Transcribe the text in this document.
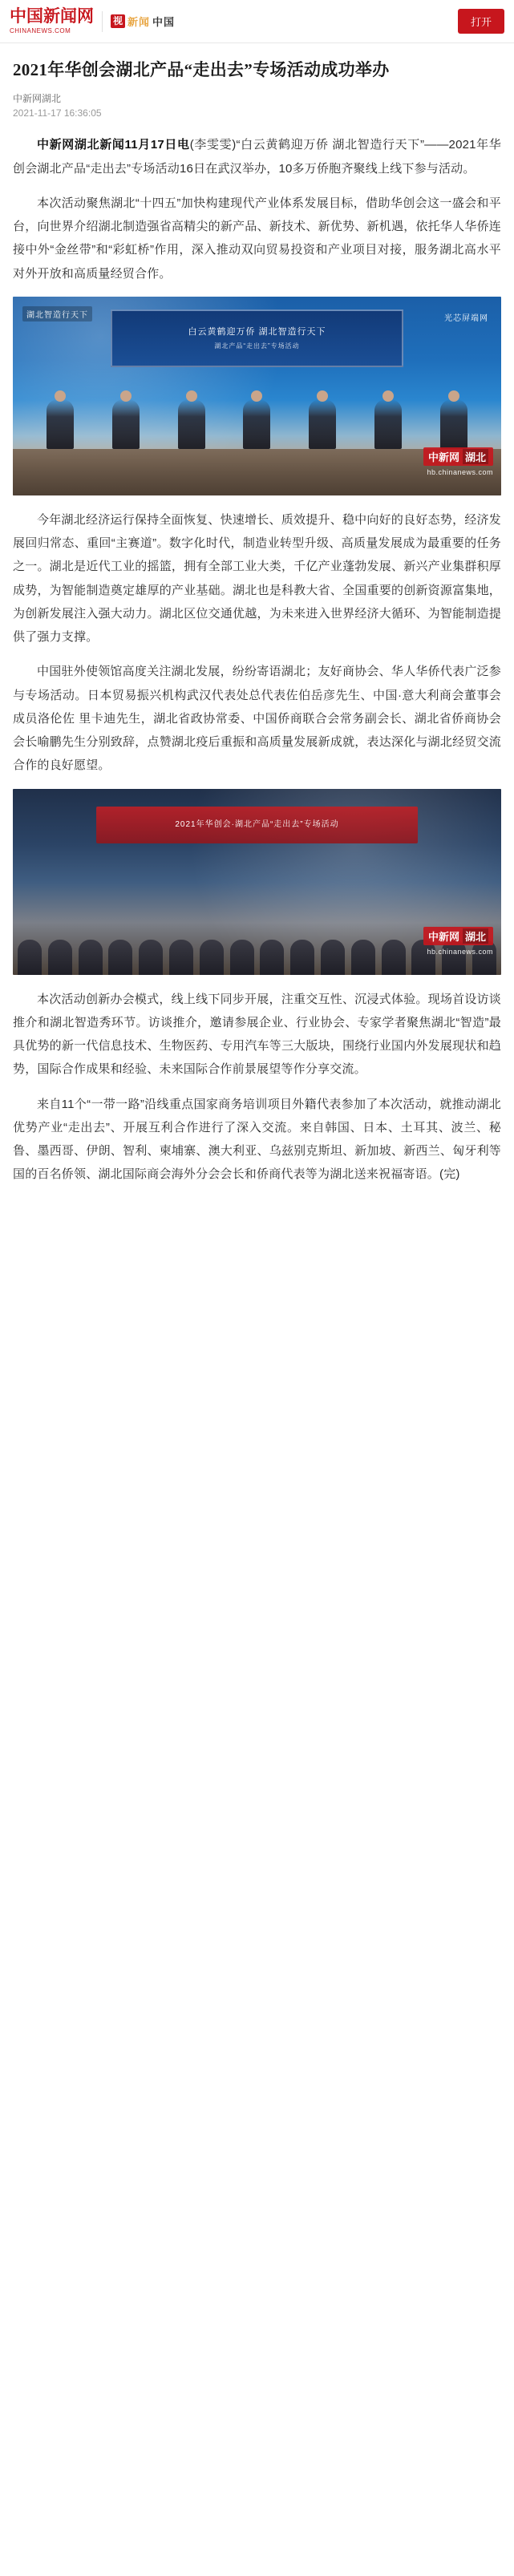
中国新闻网
CHINANEWS.COM
视 新闻 中国	打开
2021年华创会湖北产品“走出去”专场活动成功举办
中新网湖北
2021-11-17 16:36:05

中新网湖北新闻11月17日电(李雯雯)“白云黄鹤迎万侨 湖北智造行天下”——2021年华创会湖北产品“走出去”专场活动16日在武汉举办，10多万侨胞齐聚线上线下参与活动。

本次活动聚焦湖北“十四五”加快构建现代产业体系发展目标，借助华创会这一盛会和平台，向世界介绍湖北制造强省高精尖的新产品、新技术、新优势、新机遇，依托华人华侨连接中外“金丝带”和“彩虹桥”作用，深入推动双向贸易投资和产业项目对接，服务湖北高水平对外开放和高质量经贸合作。

湖北智造行天下	光芯屏端网
白云黄鹤迎万侨 湖北智造行天下
湖北产品“走出去”专场活动
中新网 湖北
hb.chinanews.com

今年湖北经济运行保持全面恢复、快速增长、质效提升、稳中向好的良好态势，经济发展回归常态、重回“主赛道”。数字化时代，制造业转型升级、高质量发展成为最重要的任务之一。湖北是近代工业的摇篮，拥有全部工业大类，千亿产业蓬勃发展、新兴产业集群积厚成势，为智能制造奠定雄厚的产业基础。湖北也是科教大省、全国重要的创新资源富集地，为创新发展注入强大动力。湖北区位交通优越，为未来进入世界经济大循环、为智能制造提供了强力支撑。

中国驻外使领馆高度关注湖北发展，纷纷寄语湖北；友好商协会、华人华侨代表广泛参与专场活动。日本贸易振兴机构武汉代表处总代表佐伯岳彦先生、中国·意大利商会董事会成员洛伦佐 里卡迪先生，湖北省政协常委、中国侨商联合会常务副会长、湖北省侨商协会会长喻鹏先生分别致辞，点赞湖北疫后重振和高质量发展新成就，表达深化与湖北经贸交流合作的良好愿望。

2021年华创会·湖北产品“走出去”专场活动
中新网 湖北
hb.chinanews.com

本次活动创新办会模式，线上线下同步开展，注重交互性、沉浸式体验。现场首设访谈推介和湖北智造秀环节。访谈推介，邀请参展企业、行业协会、专家学者聚焦湖北“智造”最具优势的新一代信息技术、生物医药、专用汽车等三大版块，围绕行业国内外发展现状和趋势，国际合作成果和经验、未来国际合作前景展望等作分享交流。

来自11个“一带一路”沿线重点国家商务培训项目外籍代表参加了本次活动，就推动湖北优势产业“走出去”、开展互利合作进行了深入交流。来自韩国、日本、土耳其、波兰、秘鲁、墨西哥、伊朗、智利、柬埔寨、澳大利亚、乌兹别克斯坦、新加坡、新西兰、匈牙利等国的百名侨领、湖北国际商会海外分会会长和侨商代表等为湖北送来祝福寄语。(完)
